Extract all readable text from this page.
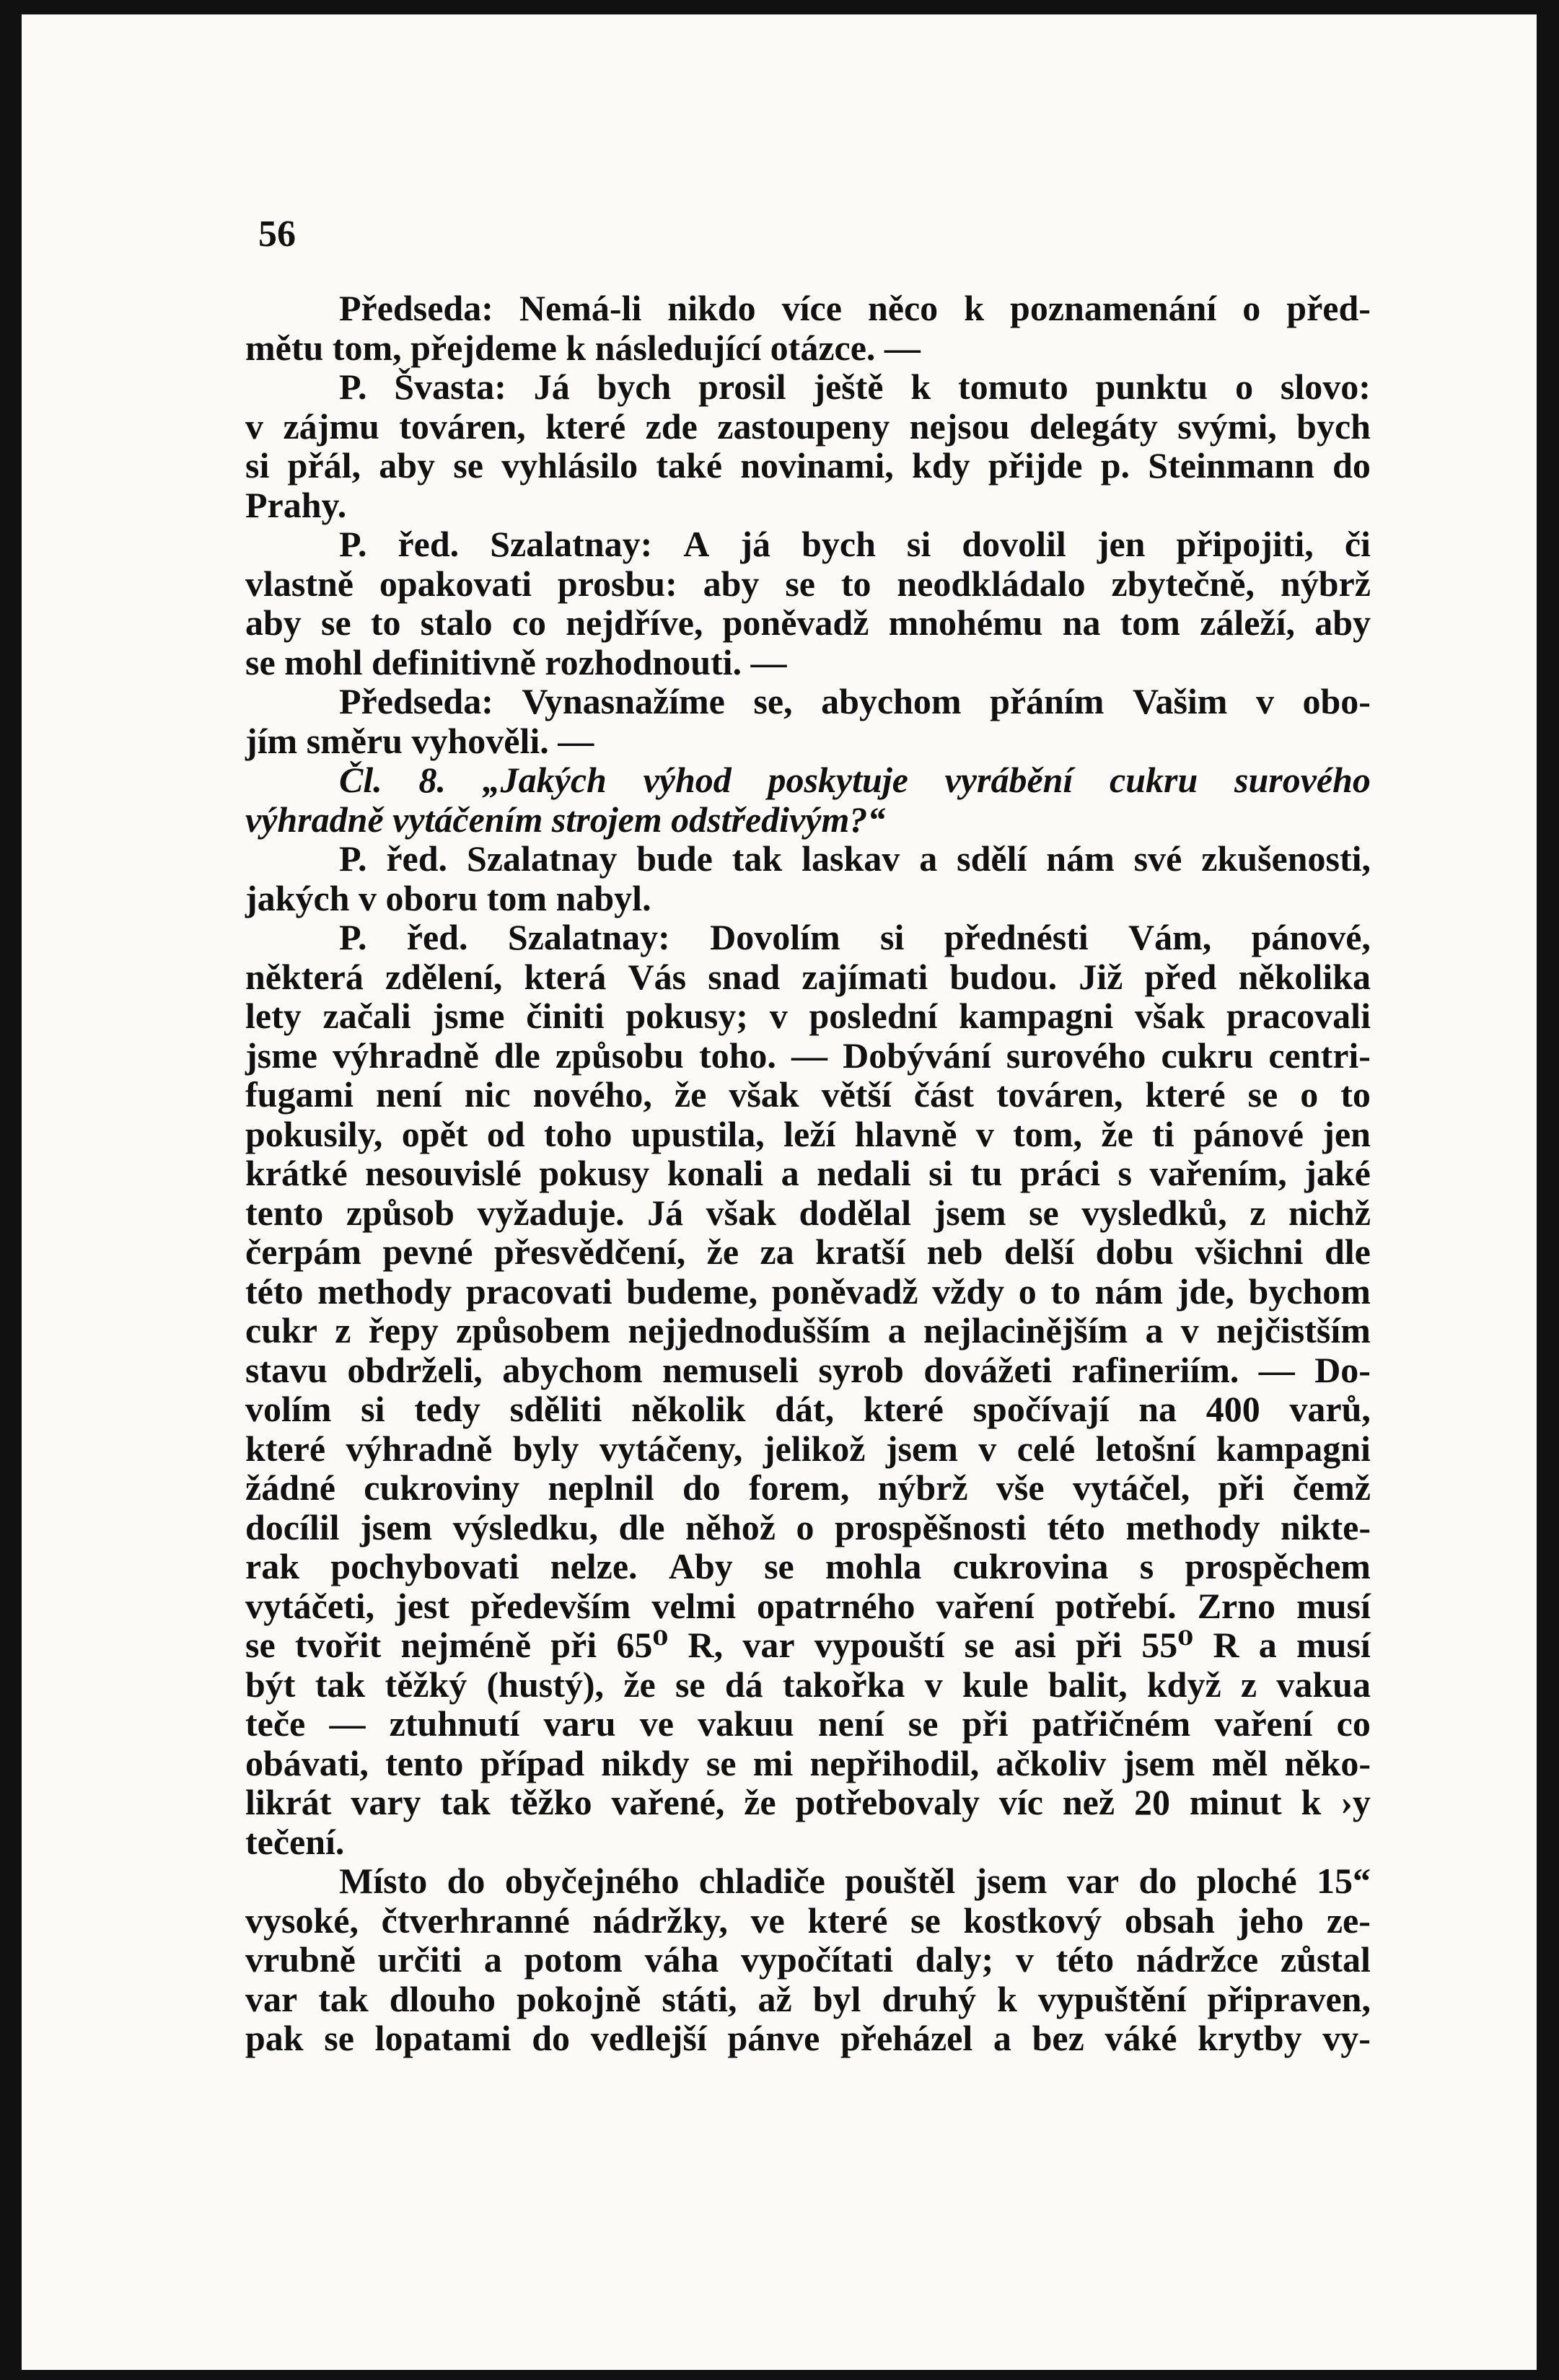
56
Předseda: Nemá-li nikdo více něco k poznamenání o před-
mětu tom, přejdeme k následující otázce. —
P. Švasta: Já bych prosil ještě k tomuto punktu o slovo:
v zájmu továren, které zde zastoupeny nejsou delegáty svými, bych
si přál, aby se vyhlásilo také novinami, kdy přijde p. Steinmann do
Prahy.
P. řed. Szalatnay: A já bych si dovolil jen připojiti, či
vlastně opakovati prosbu: aby se to neodkládalo zbytečně, nýbrž
aby se to stalo co nejdříve, poněvadž mnohému na tom záleží, aby
se mohl definitivně rozhodnouti. —
Předseda: Vynasnažíme se, abychom přáním Vašim v obo-
jím směru vyhověli. —
Čl. 8. „Jakých výhod poskytuje vyrábění cukru surového
výhradně vytáčením strojem odstředivým?“
P. řed. Szalatnay bude tak laskav a sdělí nám své zkušenosti,
jakých v oboru tom nabyl.
P. řed. Szalatnay: Dovolím si přednésti Vám, pánové,
některá zdělení, která Vás snad zajímati budou. Již před několika
lety začali jsme činiti pokusy; v poslední kampagni však pracovali
jsme výhradně dle způsobu toho. — Dobývání surového cukru centri-
fugami není nic nového, že však větší část továren, které se o to
pokusily, opět od toho upustila, leží hlavně v tom, že ti pánové jen
krátké nesouvislé pokusy konali a nedali si tu práci s vařením, jaké
tento způsob vyžaduje. Já však dodělal jsem se vysledků, z nichž
čerpám pevné přesvědčení, že za kratší neb delší dobu všichni dle
této methody pracovati budeme, poněvadž vždy o to nám jde, bychom
cukr z řepy způsobem nejjednodušším a nejlacinějším a v nejčistším
stavu obdrželi, abychom nemuseli syrob dovážeti rafineriím. — Do-
volím si tedy sděliti několik dát, které spočívají na 400 varů,
které výhradně byly vytáčeny, jelikož jsem v celé letošní kampagni
žádné cukroviny neplnil do forem, nýbrž vše vytáčel, při čemž
docílil jsem výsledku, dle něhož o prospěšnosti této methody nikte-
rak pochybovati nelze. Aby se mohla cukrovina s prospěchem
vytáčeti, jest především velmi opatrného vaření potřebí. Zrno musí
se tvořit nejméně při 65⁰ R, var vypouští se asi při 55⁰ R a musí
být tak těžký (hustý), že se dá takořka v kule balit, když z vakua
teče — ztuhnutí varu ve vakuu není se při patřičném vaření co
obávati, tento případ nikdy se mi nepřihodil, ačkoliv jsem měl něko-
likrát vary tak těžko vařené, že potřebovaly víc než 20 minut k ›y
tečení.
Místo do obyčejného chladiče pouštěl jsem var do ploché 15“
vysoké, čtverhranné nádržky, ve které se kostkový obsah jeho ze-
vrubně určiti a potom váha vypočítati daly; v této nádržce zůstal
var tak dlouho pokojně státi, až byl druhý k vypuštění připraven,
pak se lopatami do vedlejší pánve přeházel a bez váké krytby vy-
